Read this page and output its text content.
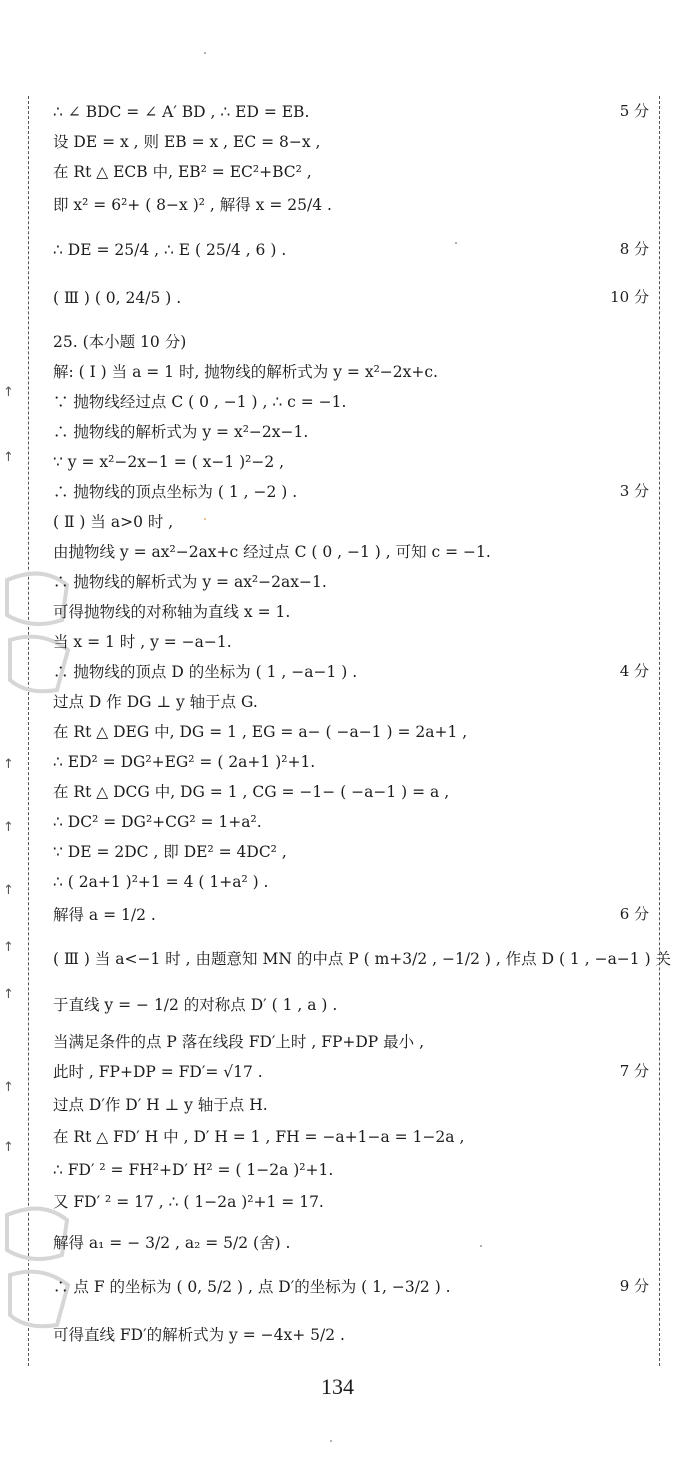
↑
↑
↑
↑
↑
↑
↑
↑
↑
∴ ∠ BDC = ∠ A′ BD , ∴ ED = EB.	5 分
设 DE = x , 则 EB = x , EC = 8−x ,
在 Rt △ ECB 中, EB² = EC²+BC² ,
即 x² = 6²+ ( 8−x )² , 解得 x = 25/4 .
∴ DE = 25/4 , ∴ E ( 25/4 , 6 ) .	8 分
( Ⅲ ) ( 0, 24/5 ) .	10 分
25. (本小题 10 分)
解: ( Ⅰ ) 当 a = 1 时, 抛物线的解析式为 y = x²−2x+c.
∵ 抛物线经过点 C ( 0 , −1 ) , ∴ c = −1.
∴ 抛物线的解析式为 y = x²−2x−1.
∵ y = x²−2x−1 = ( x−1 )²−2 ,
∴ 抛物线的顶点坐标为 ( 1 , −2 ) .	3 分
( Ⅱ ) 当 a>0 时 ,
由抛物线 y = ax²−2ax+c 经过点 C ( 0 , −1 ) , 可知 c = −1.
∴ 抛物线的解析式为 y = ax²−2ax−1.
可得抛物线的对称轴为直线 x = 1.
当 x = 1 时 , y = −a−1.
∴ 抛物线的顶点 D 的坐标为 ( 1 , −a−1 ) .	4 分
过点 D 作 DG ⊥ y 轴于点 G.
在 Rt △ DEG 中, DG = 1 , EG = a− ( −a−1 ) = 2a+1 ,
∴ ED² = DG²+EG² = ( 2a+1 )²+1.
在 Rt △ DCG 中, DG = 1 , CG = −1− ( −a−1 ) = a ,
∴ DC² = DG²+CG² = 1+a².
∵ DE = 2DC , 即 DE² = 4DC² ,
∴ ( 2a+1 )²+1 = 4 ( 1+a² ) .
解得 a = 1/2 .	6 分
( Ⅲ ) 当 a<−1 时 , 由题意知 MN 的中点 P ( m+3/2 , −1/2 ) , 作点 D ( 1 , −a−1 ) 关
于直线 y = − 1/2 的对称点 D′ ( 1 , a ) .
当满足条件的点 P 落在线段 FD′上时 , FP+DP 最小 ,
此时 , FP+DP = FD′= √17 .	7 分
过点 D′作 D′ H ⊥ y 轴于点 H.
在 Rt △ FD′ H 中 , D′ H = 1 , FH = −a+1−a = 1−2a ,
∴ FD′ ² = FH²+D′ H² = ( 1−2a )²+1.
又 FD′ ² = 17 , ∴ ( 1−2a )²+1 = 17.
解得 a₁ = − 3/2 , a₂ = 5/2 (舍) .
∴ 点 F 的坐标为 ( 0, 5/2 ) , 点 D′的坐标为 ( 1, −3/2 ) .	9 分
可得直线 FD′的解析式为 y = −4x+ 5/2 .
134
